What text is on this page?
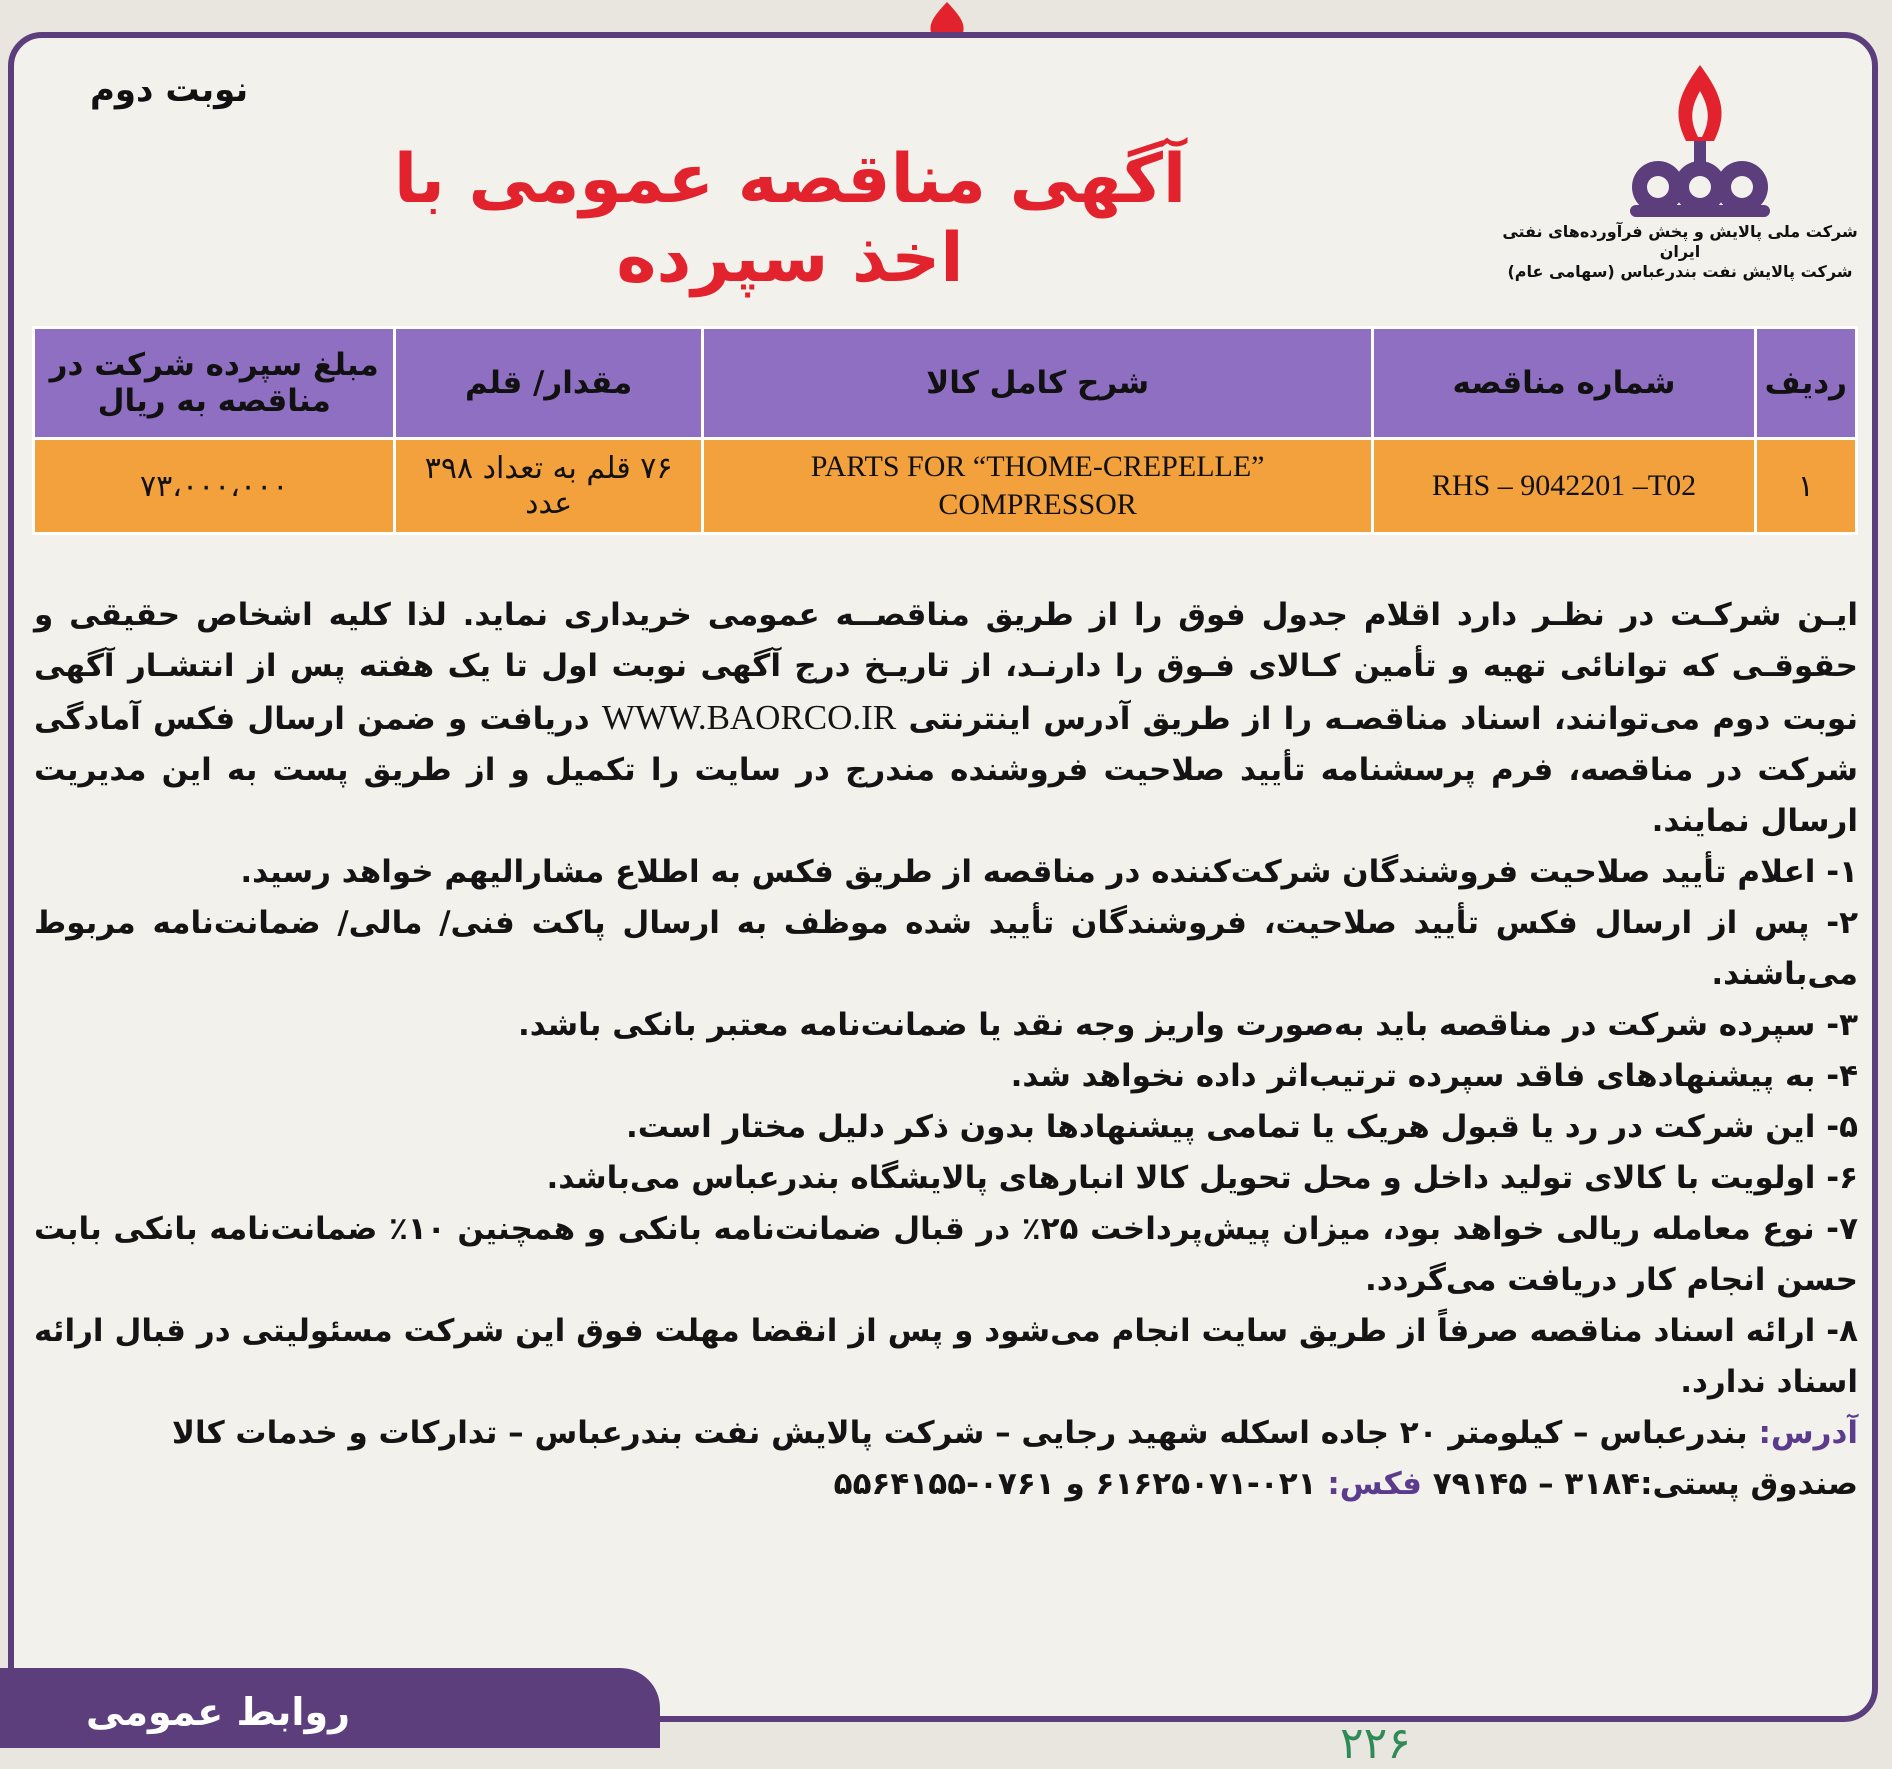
نوبت دوم
آگهی مناقصه عمومی با اخذ سپرده	شرکت ملی پالایش و پخش فرآورده‌های نفتی ایران
شرکت پالایش نفت بندرعباس (سهامی عام)
ردیف	شماره مناقصه	شرح کامل کالا	مقدار/ قلم	مبلغ سپرده شرکت در مناقصه به ریال
۱	RHS – 9042201 –T02	PARTS FOR “THOME-CREPELLE” COMPRESSOR	۷۶ قلم به تعداد ۳۹۸ عدد	۷۳،۰۰۰،۰۰۰

ایـن شرکـت در نظـر دارد اقلام جدول فوق را از طریق مناقصــه عمومی خریداری نماید. لذا کلیه اشخاص حقیقی و حقوقـی که توانائی تهیه و تأمین کـالای فـوق را دارنـد، از تاریـخ درج آگهی نوبت اول تا یک هفته پس از انتشـار آگهی نوبت دوم می‌توانند، اسناد مناقصـه را از طریق آدرس اینترنتی WWW.BAORCO.IR دریافت و ضمن ارسال فکس آمادگی شرکت در مناقصه، فرم پرسشنامه تأیید صلاحیت فروشنده مندرج در سایت را تکمیل و از طریق پست به این مدیریت ارسال نمایند.

۱- اعلام تأیید صلاحیت فروشندگان شرکت‌کننده در مناقصه از طریق فکس به اطلاع مشارالیهم خواهد رسید.

۲- پس از ارسال فکس تأیید صلاحیت، فروشندگان تأیید شده موظف به ارسال پاکت فنی/ مالی/ ضمانت‌نامه مربوط می‌باشند.

۳- سپرده شرکت در مناقصه باید به‌صورت واریز وجه نقد یا ضمانت‌نامه معتبر بانکی باشد.

۴- به پیشنهادهای فاقد سپرده ترتیب‌اثر داده نخواهد شد.

۵- این شرکت در رد یا قبول هریک یا تمامی پیشنهادها بدون ذکر دلیل مختار است.

۶- اولویت با کالای تولید داخل و محل تحویل کالا انبارهای پالایشگاه بندرعباس می‌باشد.

۷- نوع معامله ریالی خواهد بود، میزان پیش‌پرداخت ۲۵٪ در قبال ضمانت‌نامه بانکی و همچنین ۱۰٪ ضمانت‌نامه بانکی بابت حسن انجام کار دریافت می‌گردد.

۸- ارائه اسناد مناقصه صرفاً از طریق سایت انجام می‌شود و پس از انقضا مهلت فوق این شرکت مسئولیتی در قبال ارائه اسناد ندارد.

آدرس: بندرعباس – کیلومتر ۲۰ جاده اسکله شهید رجایی – شرکت پالایش نفت بندرعباس – تدارکات و خدمات کالا

صندوق پستی:۳۱۸۴ – ۷۹۱۴۵ فکس: ۰۲۱-۶۱۶۲۵۰۷۱ و ۰۷۶۱-۵۵۶۴۱۵۵

روابط عمومی
۲۲۶
